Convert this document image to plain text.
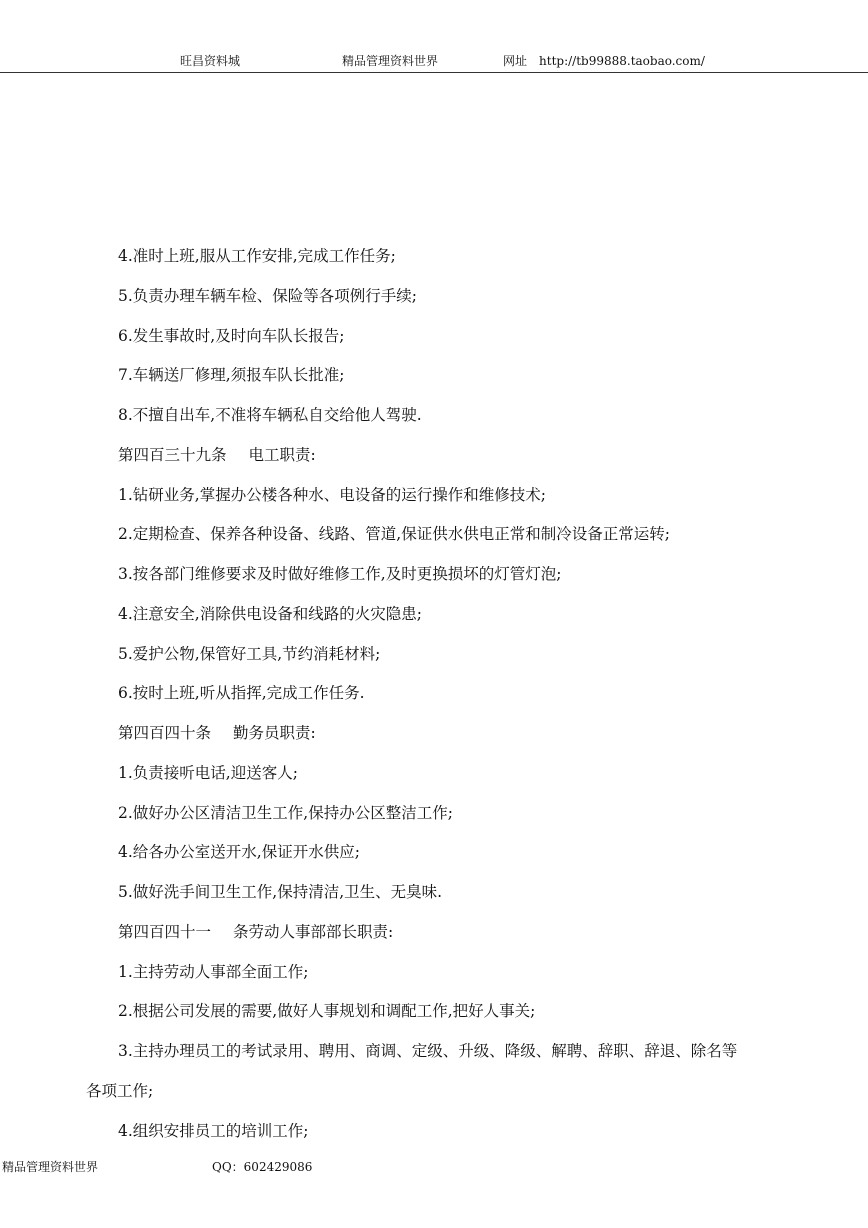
旺昌资料城	精品管理资料世界	网址 http://tb99888.taobao.com/
4.准时上班,服从工作安排,完成工作任务;
5.负责办理车辆车检、保险等各项例行手续;
6.发生事故时,及时向车队长报告;
7.车辆送厂修理,须报车队长批准;
8.不擅自出车,不准将车辆私自交给他人驾驶.
第四百三十九条 电工职责:
1.钻研业务,掌握办公楼各种水、电设备的运行操作和维修技术;
2.定期检查、保养各种设备、线路、管道,保证供水供电正常和制冷设备正常运转;
3.按各部门维修要求及时做好维修工作,及时更换损坏的灯管灯泡;
4.注意安全,消除供电设备和线路的火灾隐患;
5.爱护公物,保管好工具,节约消耗材料;
6.按时上班,听从指挥,完成工作任务.
第四百四十条 勤务员职责:
1.负责接听电话,迎送客人;
2.做好办公区清洁卫生工作,保持办公区整洁工作;
4.给各办公室送开水,保证开水供应;
5.做好洗手间卫生工作,保持清洁,卫生、无臭味.
第四百四十一 条劳动人事部部长职责:
1.主持劳动人事部全面工作;
2.根据公司发展的需要,做好人事规划和调配工作,把好人事关;
3.主持办理员工的考试录用、聘用、商调、定级、升级、降级、解聘、辞职、辞退、除名等
各项工作;
4.组织安排员工的培训工作;
精品管理资料世界	QQ：602429086
